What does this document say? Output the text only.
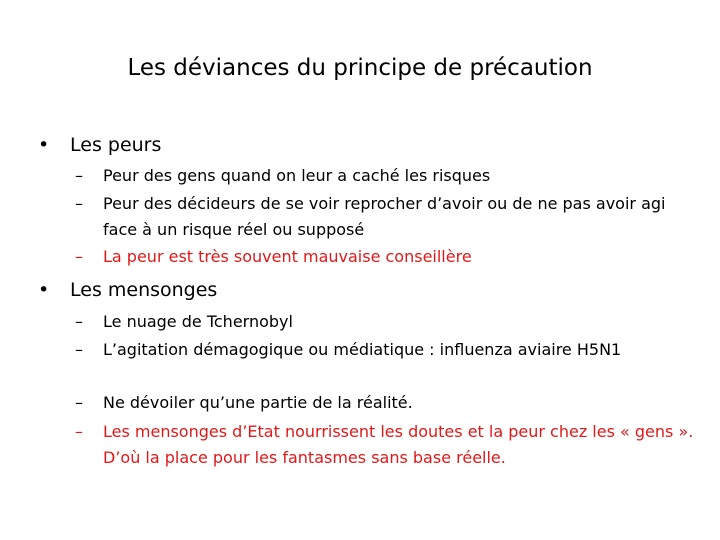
Les déviances du principe de précaution
•	Les peurs
– Peur des gens quand on leur a caché les risques
– Peur des décideurs de se voir reprocher d’avoir ou de ne pas avoir agi face à un risque réel ou supposé
– La peur est très souvent mauvaise conseillère
•	Les mensonges
– Le nuage de Tchernobyl
– L’agitation démagogique ou médiatique : influenza aviaire H5N1
– Ne dévoiler qu’une partie de la réalité.
– Les mensonges d’Etat nourrissent les doutes et la peur chez les « gens ». D’où la place pour les fantasmes sans base réelle.
